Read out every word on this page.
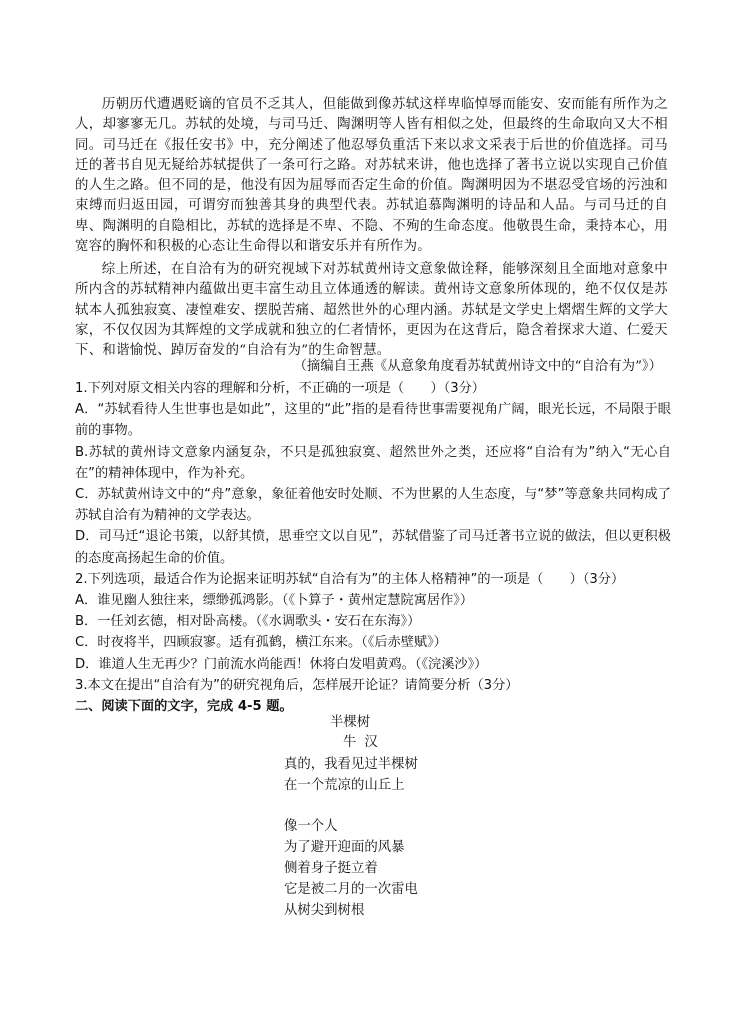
历朝历代遭遇贬谪的官员不乏其人，但能做到像苏轼这样卑临悼辱而能安、安而能有所作为之人，却寥寥无几。苏轼的处境，与司马迁、陶渊明等人皆有相似之处，但最终的生命取向又大不相同。司马迁在《报任安书》中，充分阐述了他忍辱负重活下来以求文采表于后世的价值选择。司马迁的著书自见无疑给苏轼提供了一条可行之路。对苏轼来讲，他也选择了著书立说以实现自己价值的人生之路。但不同的是，他没有因为屈辱而否定生命的价值。陶渊明因为不堪忍受官场的污浊和束缚而归返田园，可谓穷而独善其身的典型代表。苏轼追慕陶渊明的诗品和人品。与司马迁的自卑、陶渊明的自隐相比，苏轼的选择是不卑、不隐、不殉的生命态度。他敬畏生命，秉持本心，用宽容的胸怀和积极的心态让生命得以和谐安乐并有所作为。
综上所述，在自洽有为的研究视域下对苏轼黄州诗文意象做诠释，能够深刻且全面地对意象中所内含的苏轼精神内蕴做出更丰富生动且立体通透的解读。黄州诗文意象所体现的，绝不仅仅是苏轼本人孤独寂寞、凄惶难安、摆脱苦痛、超然世外的心理内涵。苏轼是文学史上熠熠生辉的文学大家，不仅仅因为其辉煌的文学成就和独立的仁者情怀，更因为在这背后，隐含着探求大道、仁爱天下、和谐愉悦、踔厉奋发的“自洽有为”的生命智慧。
（摘编自王燕《从意象角度看苏轼黄州诗文中的“自洽有为”》）

1.下列对原文相关内容的理解和分析，不正确的一项是（　　）（3分）

A．“苏轼看待人生世事也是如此”，这里的“此”指的是看待世事需要视角广阔，眼光长远，不局限于眼前的事物。

B.苏轼的黄州诗文意象内涵复杂，不只是孤独寂寞、超然世外之类，还应将“自洽有为”纳入“无心自在”的精神体现中，作为补充。

C．苏轼黄州诗文中的“舟”意象，象征着他安时处顺、不为世累的人生态度，与“梦”等意象共同构成了苏轼自洽有为精神的文学表达。

D．司马迁“退论书策，以舒其愤，思垂空文以自见”，苏轼借鉴了司马迁著书立说的做法，但以更积极的态度高扬起生命的价值。

2.下列选项，最适合作为论据来证明苏轼“自洽有为”的主体人格精神”的一项是（　　）（3分）

A．谁见幽人独往来，缥缈孤鸿影。（《卜算子・黄州定慧院寓居作》）

B．一任刘玄德，相对卧高楼。（《水调歌头・安石在东海》）

C．时夜将半，四顾寂寥。适有孤鹤，横江东来。（《后赤壁赋》）

D．谁道人生无再少？门前流水尚能西！休将白发唱黄鸡。（《浣溪沙》）

3.本文在提出“自洽有为”的研究视角后，怎样展开论证？请简要分析（3分）

二、阅读下面的文字，完成 4-5 题。

半棵树
牛汉
真的，我看见过半棵树
在一个荒凉的山丘上
像一个人
为了避开迎面的风暴
侧着身子挺立着
它是被二月的一次雷电
从树尖到树根
